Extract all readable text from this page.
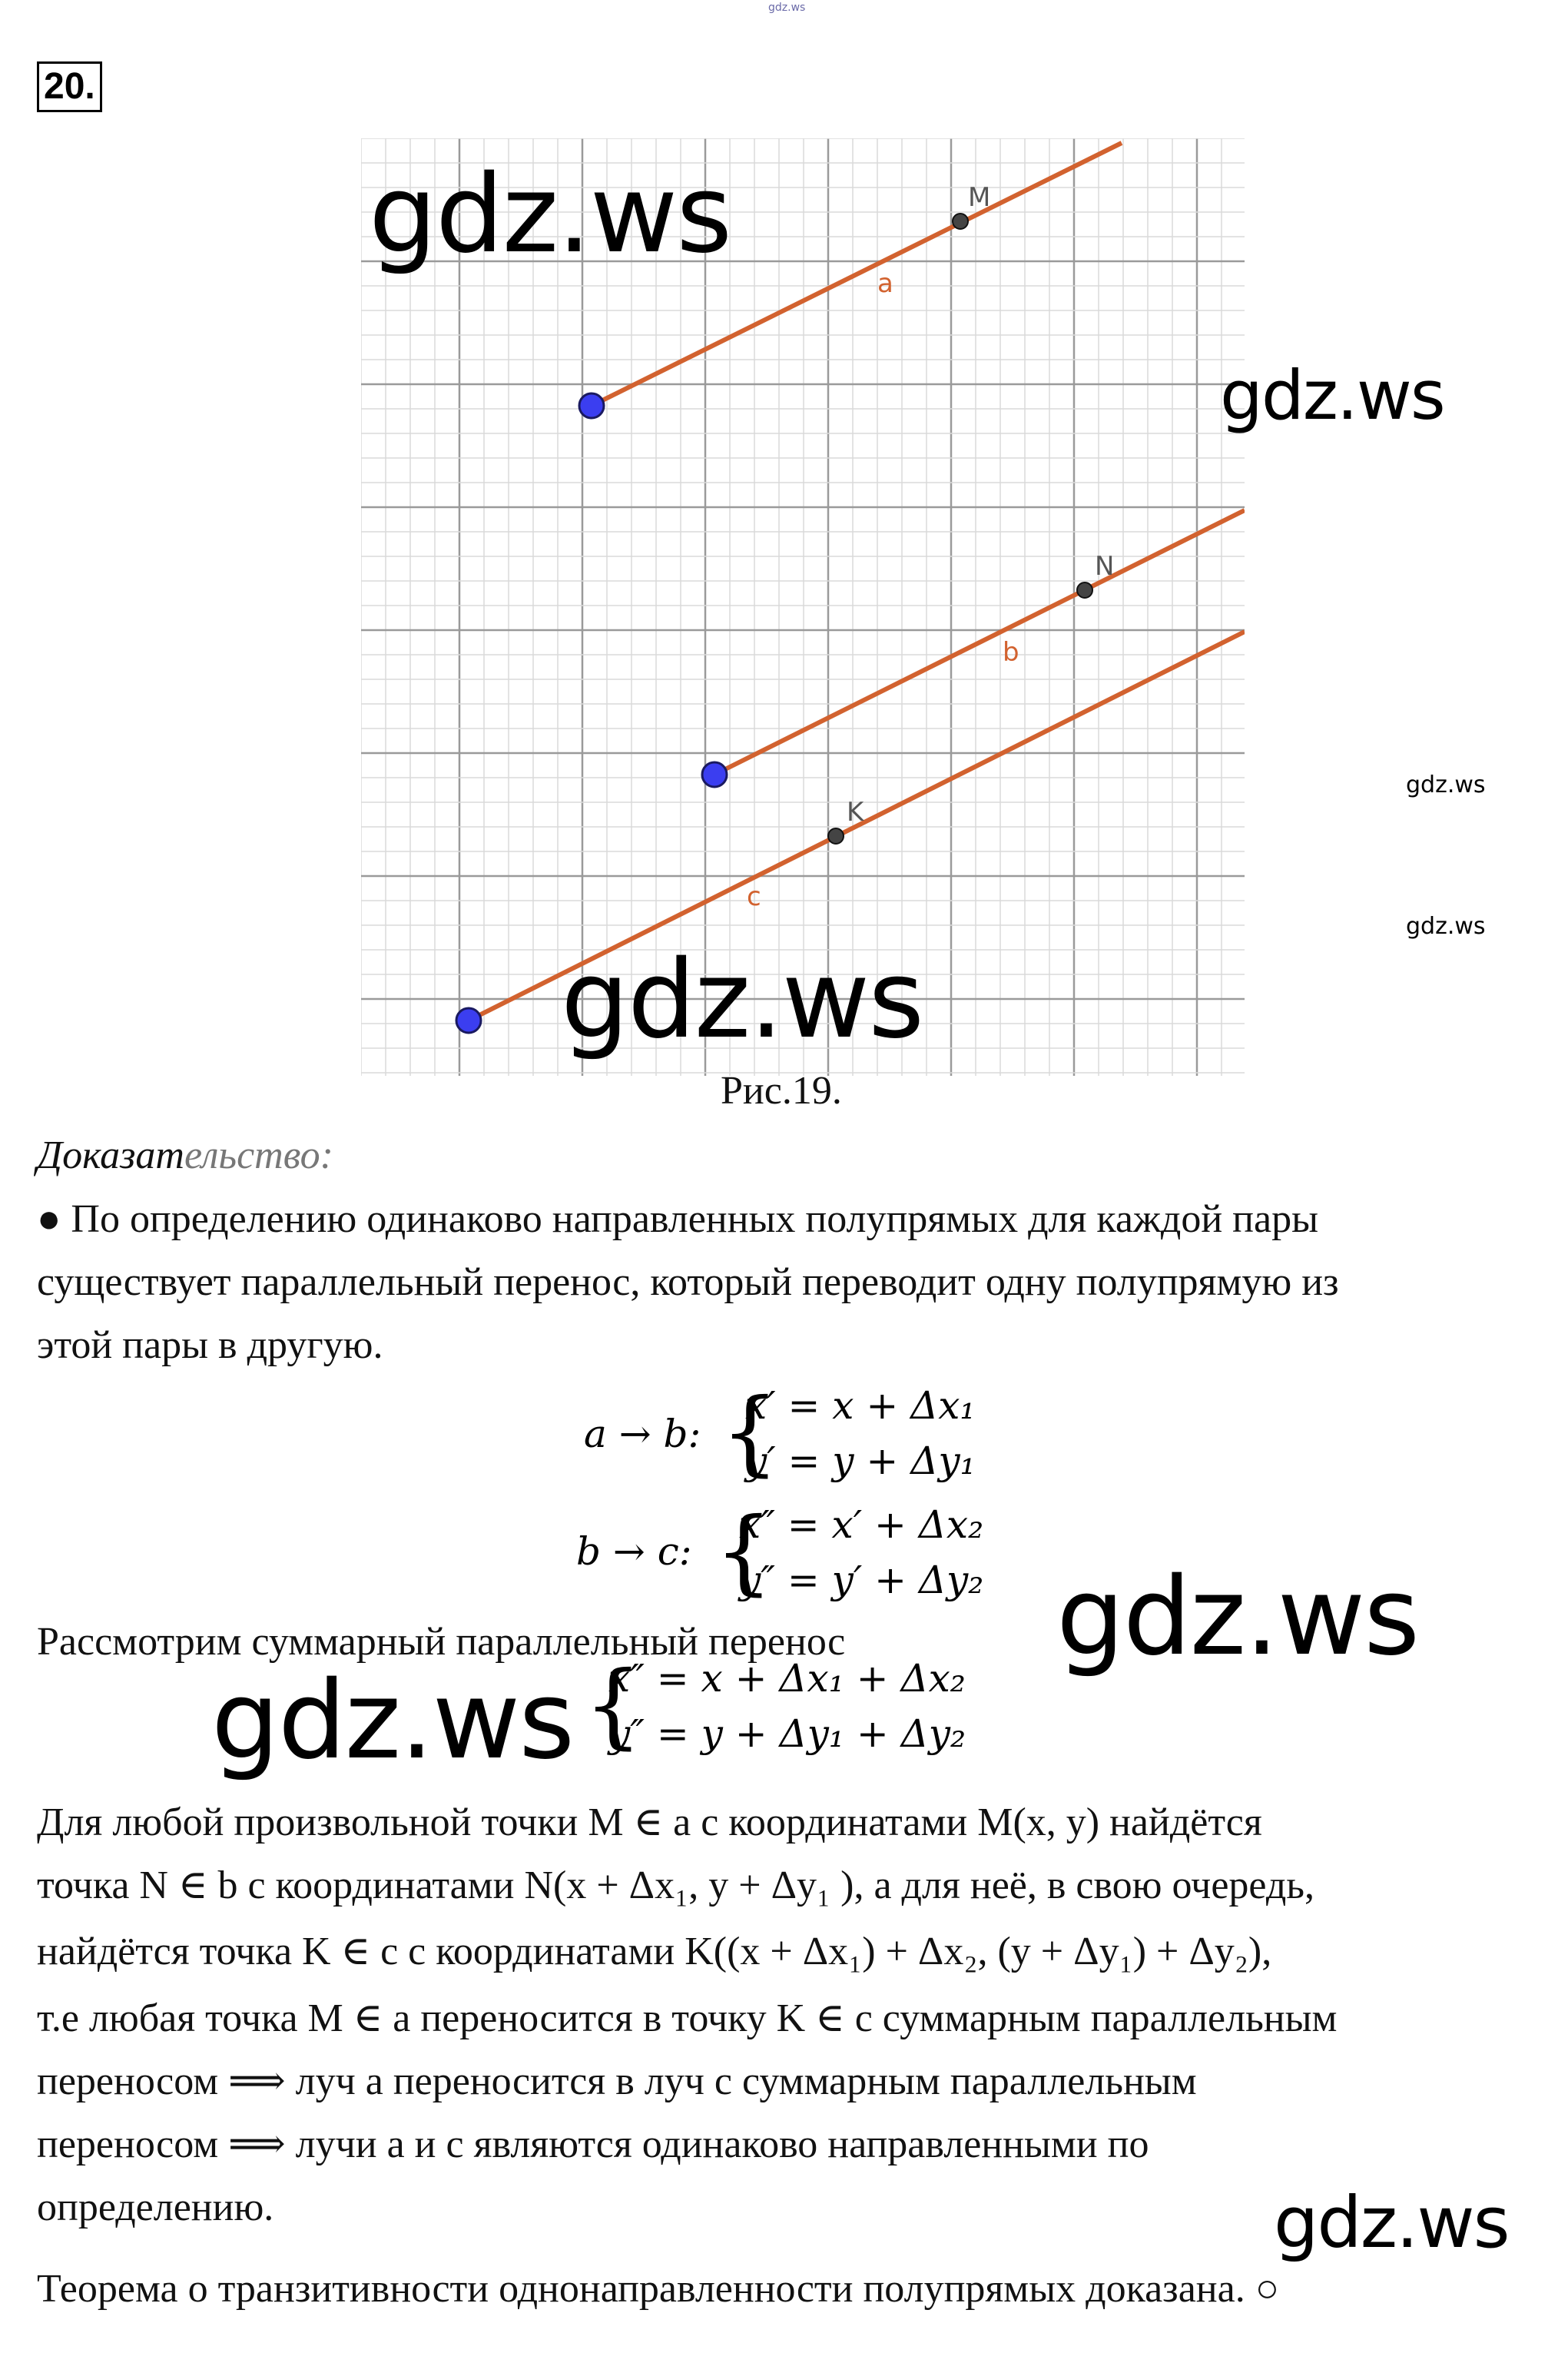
gdz.ws
20.
a
M
b
N
c
K
Рис.19.
gdz.ws
gdz.ws
gdz.ws
gdz.ws
gdz.ws
gdz.ws
gdz.ws
gdz.ws
Доказательство:
● По определению одинаково направленных полупрямых для каждой пары
существует параллельный перенос, который переводит одну полупрямую из
этой пары в другую.
a → b: {
x′ = x + Δx₁
y′ = y + Δy₁
b → c: {
x″ = x′ + Δx₂
y″ = y′ + Δy₂
Рассмотрим суммарный параллельный перенос
{
x″ = x + Δx₁ + Δx₂
y″ = y + Δy₁ + Δy₂
Для любой произвольной точки M ∈ a с координатами M(x, y) найдётся
точка N ∈ b с координатами N(x + Δx₁, y + Δy₁ ), а для неё, в свою очередь,
найдётся точка K ∈ c с координатами K((x + Δx₁) + Δx₂, (y + Δy₁) + Δy₂),
т.е любая точка M ∈ a переносится в точку K ∈ c суммарным параллельным
переносом ⟹ луч a переносится в луч c суммарным параллельным
переносом ⟹ лучи a и c являются одинаково направленными по
определению.
Теорема о транзитивности однонаправленности полупрямых доказана. ○
